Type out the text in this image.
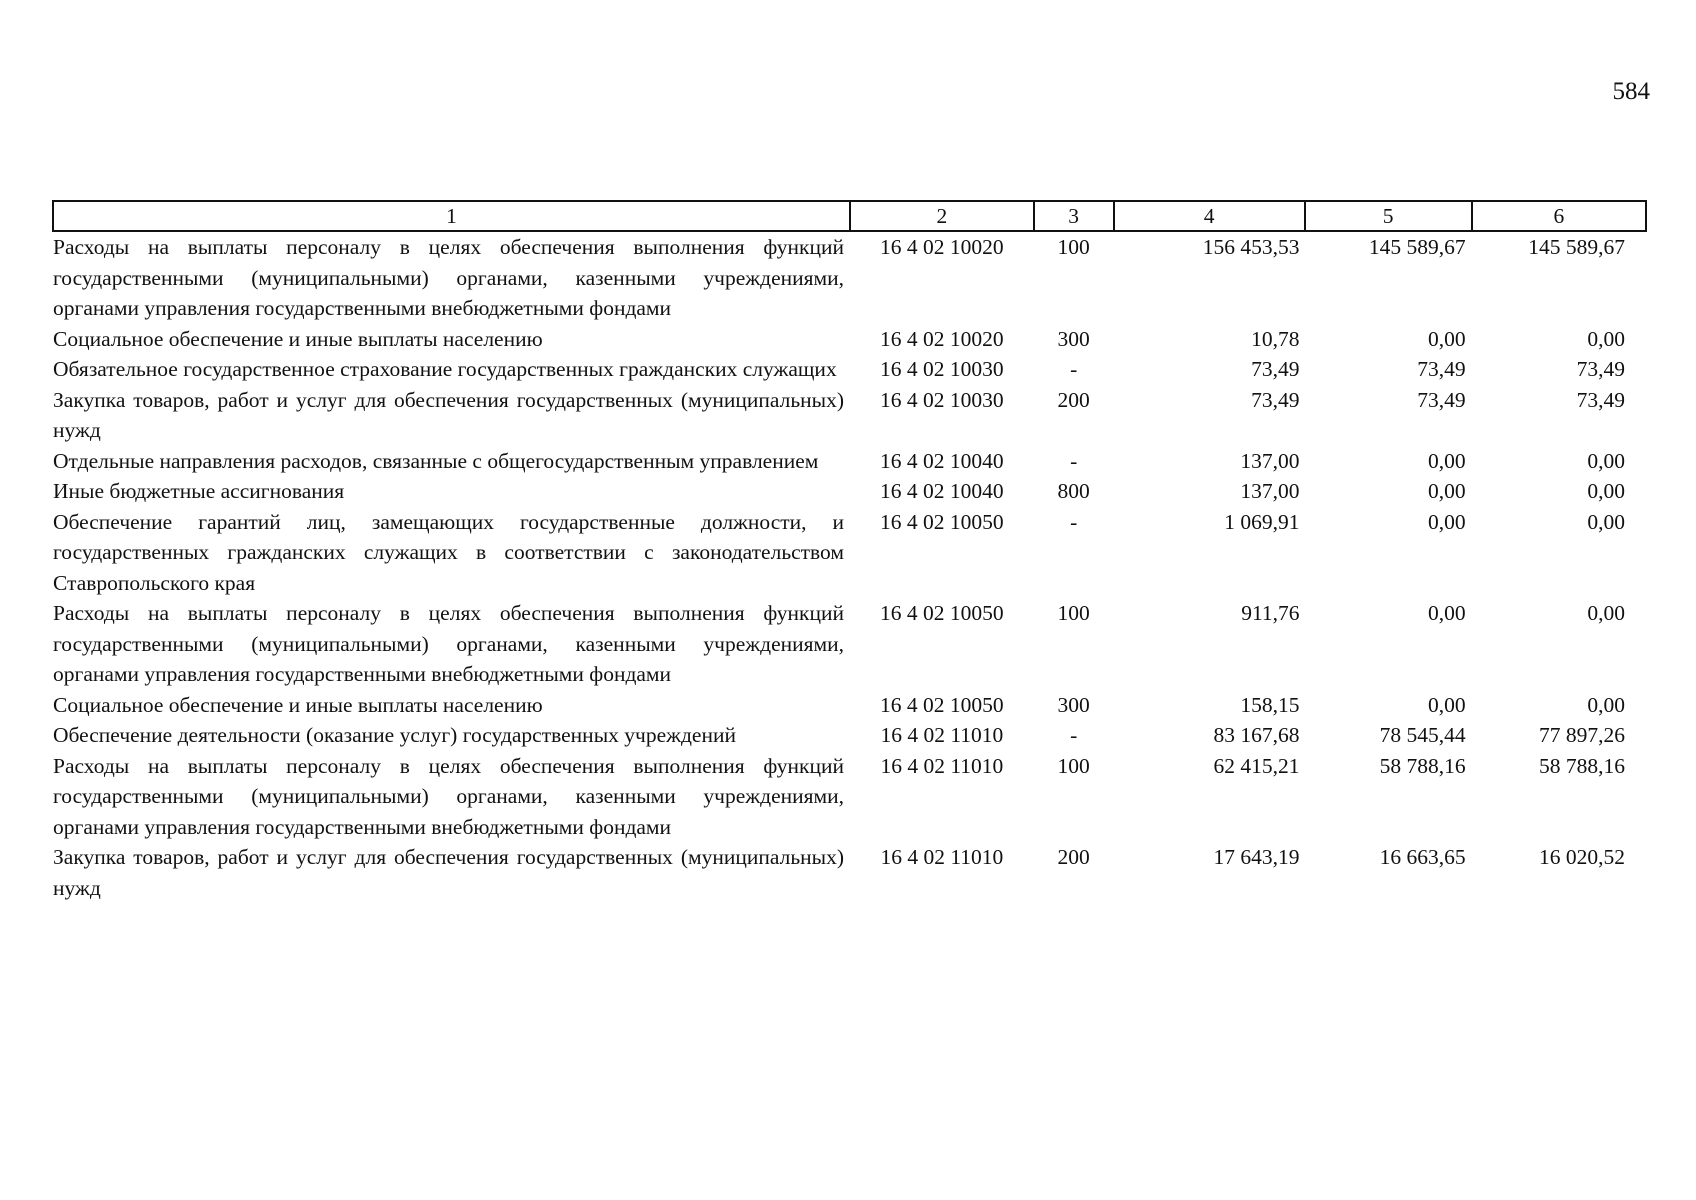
584
1	2	3	4	5	6
Расходы на выплаты персоналу в целях обеспечения выполнения функций государственными (муниципальными) органами, казенными учреждениями, органами управления государственными внебюджетными фондами	16 4 02 10020	100	156 453,53	145 589,67	145 589,67
Социальное обеспечение и иные выплаты населению	16 4 02 10020	300	10,78	0,00	0,00
Обязательное государственное страхование государственных гражданских служащих	16 4 02 10030	-	73,49	73,49	73,49
Закупка товаров, работ и услуг для обеспечения государственных (муниципальных) нужд	16 4 02 10030	200	73,49	73,49	73,49
Отдельные направления расходов, связанные с общегосударственным управлением	16 4 02 10040	-	137,00	0,00	0,00
Иные бюджетные ассигнования	16 4 02 10040	800	137,00	0,00	0,00
Обеспечение гарантий лиц, замещающих государственные должности, и государственных гражданских служащих в соответствии с законодательством Ставропольского края	16 4 02 10050	-	1 069,91	0,00	0,00
Расходы на выплаты персоналу в целях обеспечения выполнения функций государственными (муниципальными) органами, казенными учреждениями, органами управления государственными внебюджетными фондами	16 4 02 10050	100	911,76	0,00	0,00
Социальное обеспечение и иные выплаты населению	16 4 02 10050	300	158,15	0,00	0,00
Обеспечение деятельности (оказание услуг) государственных учреждений	16 4 02 11010	-	83 167,68	78 545,44	77 897,26
Расходы на выплаты персоналу в целях обеспечения выполнения функций государственными (муниципальными) органами, казенными учреждениями, органами управления государственными внебюджетными фондами	16 4 02 11010	100	62 415,21	58 788,16	58 788,16
Закупка товаров, работ и услуг для обеспечения государственных (муниципальных) нужд	16 4 02 11010	200	17 643,19	16 663,65	16 020,52
